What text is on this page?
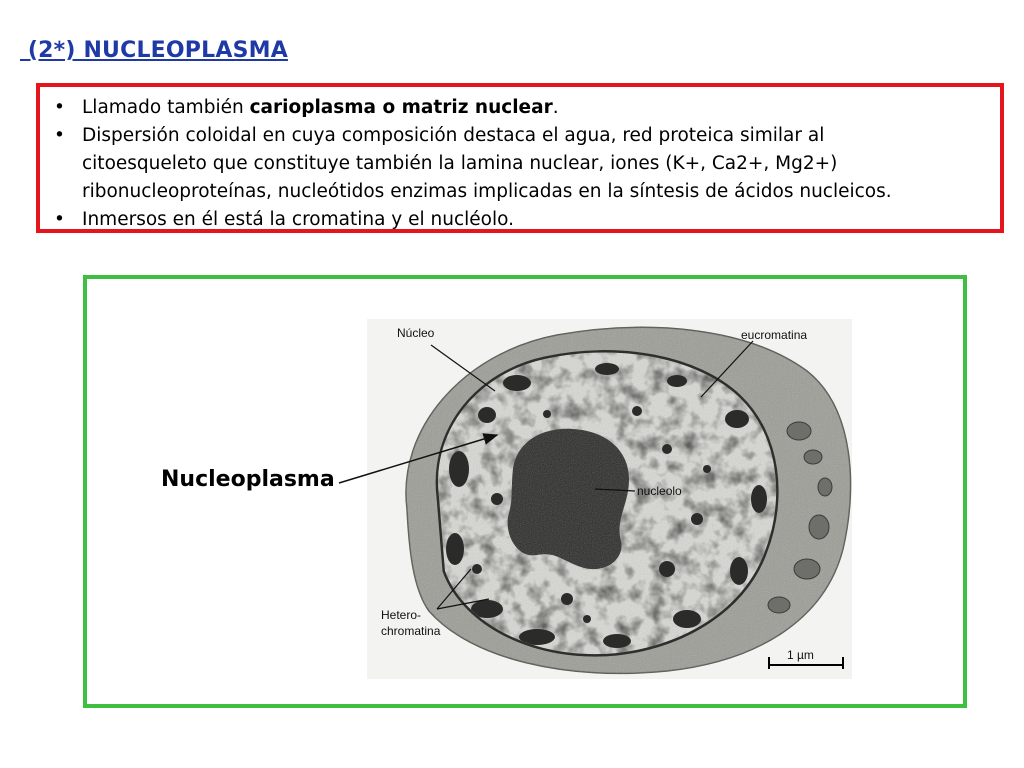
(2*) NUCLEOPLASMA
• Llamado también carioplasma o matriz nuclear.
• Dispersión coloidal en cuya composición destaca el agua, red proteica similar al
citoesqueleto que constituye también la lamina nuclear, iones (K+, Ca2+, Mg2+)
ribonucleoproteínas, nucleótidos enzimas implicadas en la síntesis de ácidos nucleicos.
• Inmersos en él está la cromatina y el nucléolo.
Nucleoplasma
Núcleo	eucromatina
nucleolo
Hetero-
chromatina
1 µm
